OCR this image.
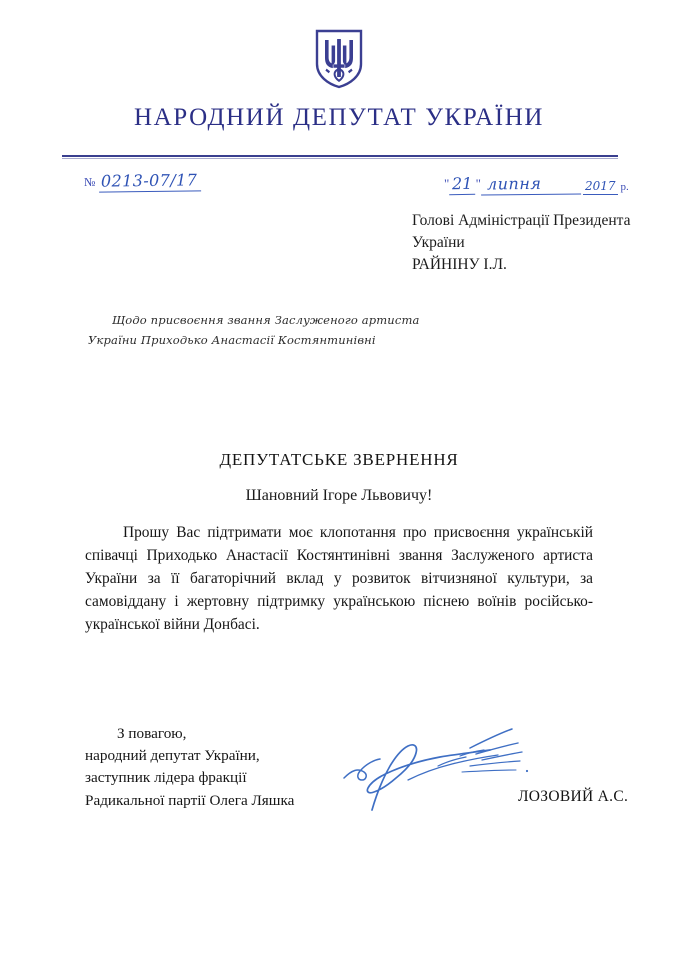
НАРОДНИЙ ДЕПУТАТ УКРАЇНИ
№ 0213-07/17	" 21 " липня	2017 р.
Голові Адміністрації Президента
України
РАЙНІНУ І.Л.
Щодо присвоєння звання Заслуженого артиста
України Приходько Анастасії Костянтинівні
ДЕПУТАТСЬКЕ ЗВЕРНЕННЯ
Шановний Ігоре Львовичу!
Прошу Вас підтримати моє клопотання про присвоєння українській співачці Приходько Анастасії Костянтинівні звання Заслуженого артиста України за її багаторічний вклад у розвиток вітчизняної культури, за самовіддану і жертовну підтримку українською піснею воїнів російсько-української війни Донбасі.
З повагою,
народний депутат України,
заступник лідера фракції
Радикальної партії Олега Ляшка	ЛОЗОВИЙ А.С.
